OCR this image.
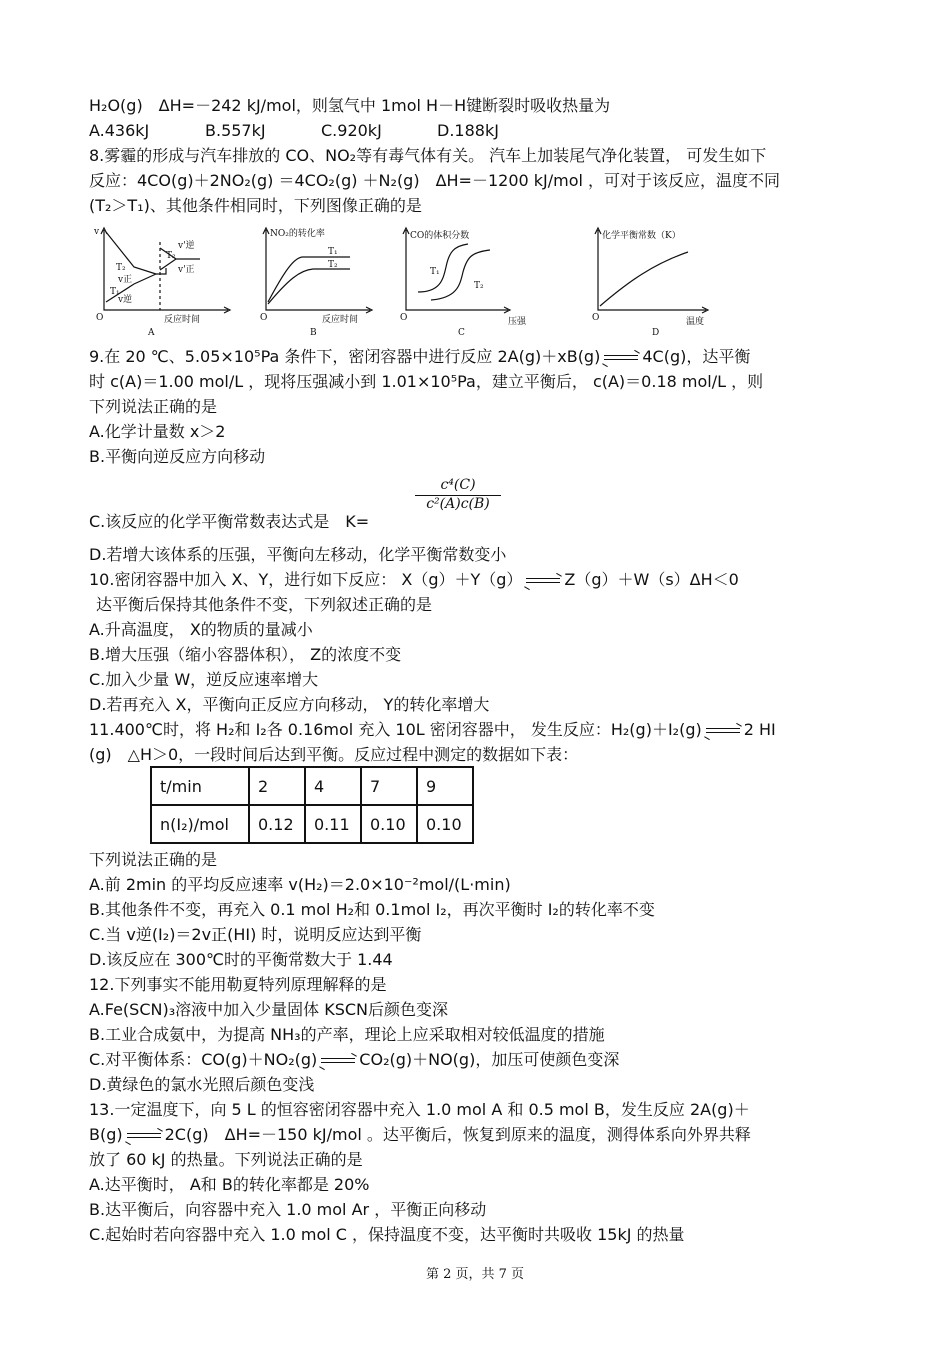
H₂O(g)　ΔH=－242 kJ/mol，则氢气中 1mol H－H键断裂时吸收热量为
A.436kJ	B.557kJ	C.920kJ	D.188kJ
8.雾霾的形成与汽车排放的 CO、NO₂等有毒气体有关。 汽车上加装尾气净化装置， 可发生如下
反应：4CO(g)＋2NO₂(g) ＝4CO₂(g) ＋N₂(g)　ΔH=－1200 kJ/mol ，可对于该反应，温度不同
(T₂＞T₁)、其他条件相同时，下列图像正确的是
v
O
T₂
v正
T₁
v逆
v'逆
T₂
v'正
反应时间
A
NO₂的转化率
O
T₁
T₂
反应时间
B
CO的体积分数
O
T₁
T₂
压强
C
化学平衡常数（K）
O	温度
D
9.在 20 ℃、5.05×10⁵Pa 条件下，密闭容器中进行反应 2A(g)＋xB(g) → 4C(g)，达平衡
时 c(A)＝1.00 mol/L ，现将压强减小到 1.01×10⁵Pa，建立平衡后， c(A)＝0.18 mol/L ，则
下列说法正确的是
A.化学计量数 x＞2
B.平衡向逆反应方向移动
$\frac{\text{c⁴(C)}}{\text{c²(A)c(B)}}$
C.该反应的化学平衡常数表达式是　K=
D.若增大该体系的压强，平衡向左移动，化学平衡常数变小
10.密闭容器中加入 X、Y，进行如下反应： X（g）＋Y（g） → Z（g）＋W（s）ΔH＜0
达平衡后保持其他条件不变，下列叙述正确的是
A.升高温度， X的物质的量减小
B.增大压强（缩小容器体积）， Z的浓度不变
C.加入少量 W，逆反应速率增大
D.若再充入 X，平衡向正反应方向移动， Y的转化率增大
11.400℃时，将 H₂和 I₂各 0.16mol 充入 10L 密闭容器中， 发生反应：H₂(g)＋I₂(g) → 2 HI
(g)　△H＞0，一段时间后达到平衡。反应过程中测定的数据如下表：
t/min	2	4	7	9
n(I₂)/mol	0.12	0.11	0.10	0.10
下列说法正确的是
A.前 2min 的平均反应速率 v(H₂)＝2.0×10⁻²mol/(L·min)
B.其他条件不变，再充入 0.1 mol H₂和 0.1mol I₂，再次平衡时 I₂的转化率不变
C.当 v逆(I₂)＝2v正(HI) 时，说明反应达到平衡
D.该反应在 300℃时的平衡常数大于 1.44
12.下列事实不能用勒夏特列原理解释的是
A.Fe(SCN)₃溶液中加入少量固体 KSCN后颜色变深
B.工业合成氨中，为提高 NH₃的产率，理论上应采取相对较低温度的措施
C.对平衡体系：CO(g)＋NO₂(g) → CO₂(g)＋NO(g)，加压可使颜色变深
D.黄绿色的氯水光照后颜色变浅
13.一定温度下，向 5 L 的恒容密闭容器中充入 1.0 mol A 和 0.5 mol B，发生反应 2A(g)＋
B(g) → 2C(g)　ΔH=－150 kJ/mol 。达平衡后，恢复到原来的温度，测得体系向外界共释
放了 60 kJ 的热量。下列说法正确的是
A.达平衡时， A和 B的转化率都是 20%
B.达平衡后，向容器中充入 1.0 mol Ar ，平衡正向移动
C.起始时若向容器中充入 1.0 mol C ，保持温度不变，达平衡时共吸收 15kJ 的热量
第 2 页，共 7 页
